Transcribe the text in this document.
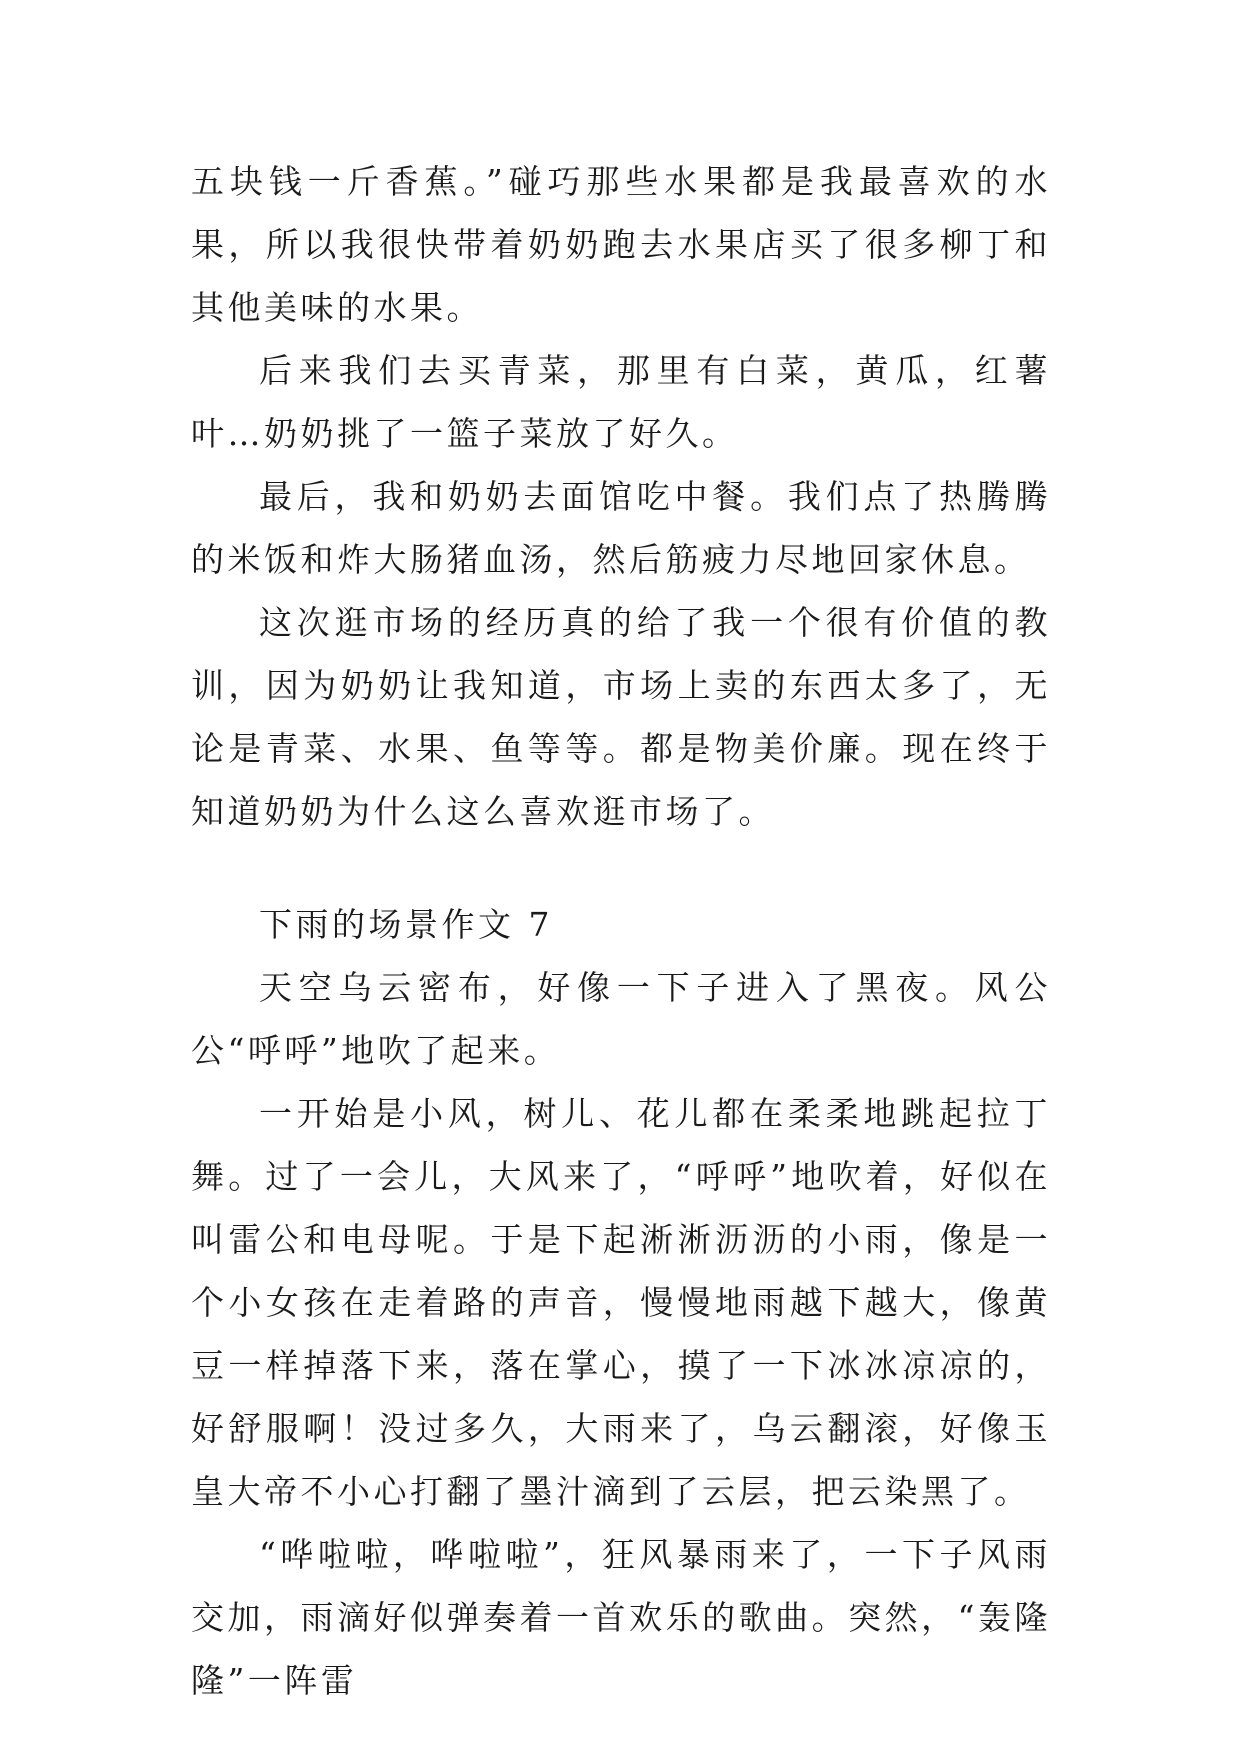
五块钱一斤香蕉。”碰巧那些水果都是我最喜欢的水果，所以我很快带着奶奶跑去水果店买了很多柳丁和其他美味的水果。

后来我们去买青菜，那里有白菜，黄瓜，红薯叶…奶奶挑了一篮子菜放了好久。

最后，我和奶奶去面馆吃中餐。我们点了热腾腾的米饭和炸大肠猪血汤，然后筋疲力尽地回家休息。

这次逛市场的经历真的给了我一个很有价值的教训，因为奶奶让我知道，市场上卖的东西太多了，无论是青菜、水果、鱼等等。都是物美价廉。现在终于知道奶奶为什么这么喜欢逛市场了。

下雨的场景作文 7

天空乌云密布，好像一下子进入了黑夜。风公公“呼呼”地吹了起来。

一开始是小风，树儿、花儿都在柔柔地跳起拉丁舞。过了一会儿，大风来了，“呼呼”地吹着，好似在叫雷公和电母呢。于是下起淅淅沥沥的小雨，像是一个小女孩在走着路的声音，慢慢地雨越下越大，像黄豆一样掉落下来，落在掌心，摸了一下冰冰凉凉的，好舒服啊！没过多久，大雨来了，乌云翻滚，好像玉皇大帝不小心打翻了墨汁滴到了云层，把云染黑了。

“哗啦啦，哗啦啦”，狂风暴雨来了，一下子风雨交加，雨滴好似弹奏着一首欢乐的歌曲。突然，“轰隆隆”一阵雷
